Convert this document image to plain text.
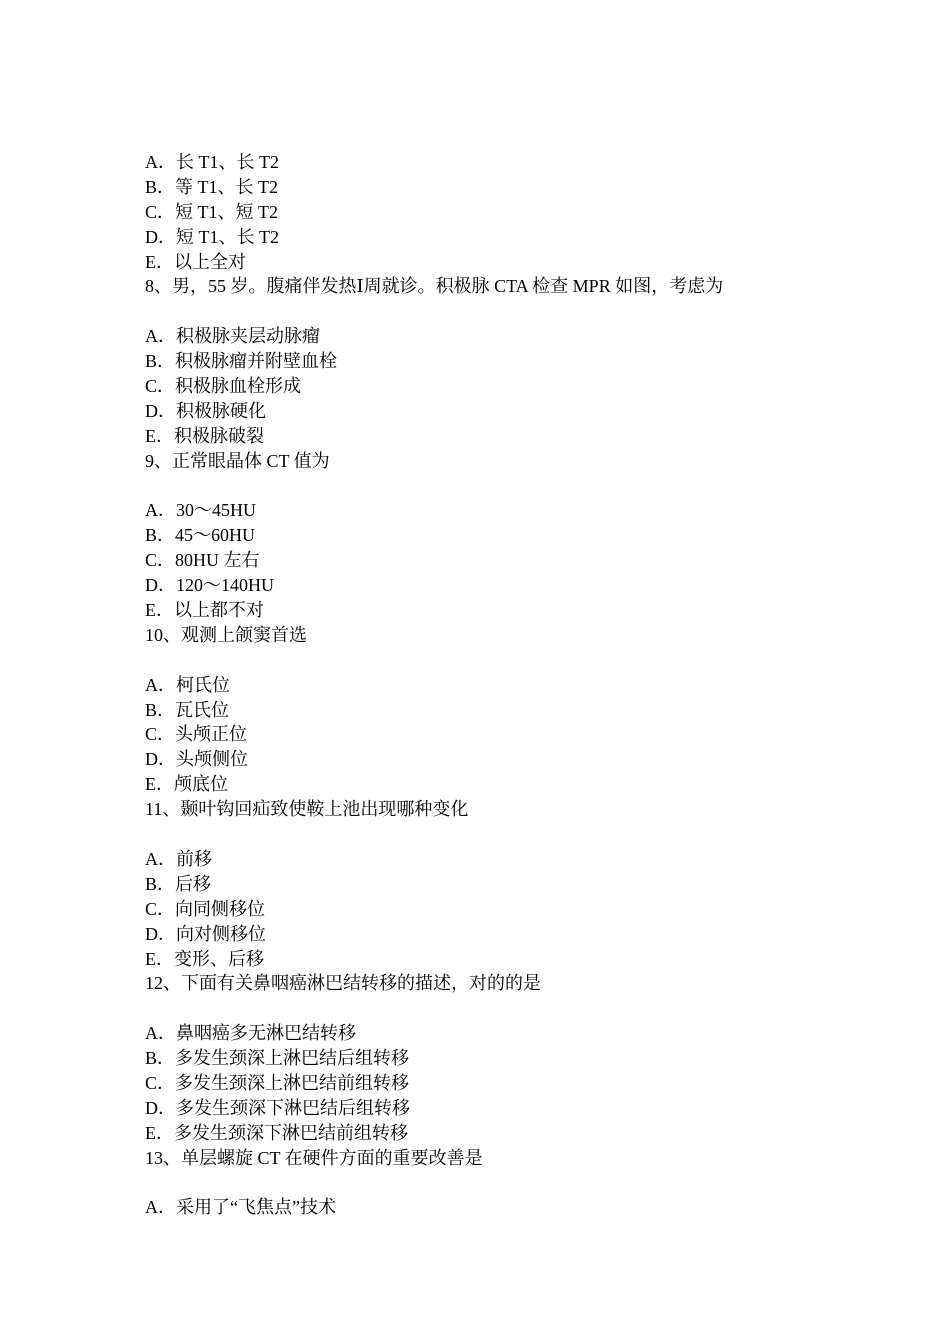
A．长 T1、长 T2
B．等 T1、长 T2
C．短 T1、短 T2
D．短 T1、长 T2
E．以上全对
8、男，55 岁。腹痛伴发热Ⅰ周就诊。积极脉 CTA 检查 MPR 如图，考虑为
A．积极脉夹层动脉瘤
B．积极脉瘤并附壁血栓
C．积极脉血栓形成
D．积极脉硬化
E．积极脉破裂
9、正常眼晶体 CT 值为
A．30～45HU
B．45～60HU
C．80HU 左右
D．120～140HU
E．以上都不对
10、观测上颌窦首选
A．柯氏位
B．瓦氏位
C．头颅正位
D．头颅侧位
E．颅底位
11、颞叶钩回疝致使鞍上池出现哪种变化
A．前移
B．后移
C．向同侧移位
D．向对侧移位
E．变形、后移
12、下面有关鼻咽癌淋巴结转移的描述，对的的是
A．鼻咽癌多无淋巴结转移
B．多发生颈深上淋巴结后组转移
C．多发生颈深上淋巴结前组转移
D．多发生颈深下淋巴结后组转移
E．多发生颈深下淋巴结前组转移
13、单层螺旋 CT 在硬件方面的重要改善是
A．采用了“飞焦点”技术
